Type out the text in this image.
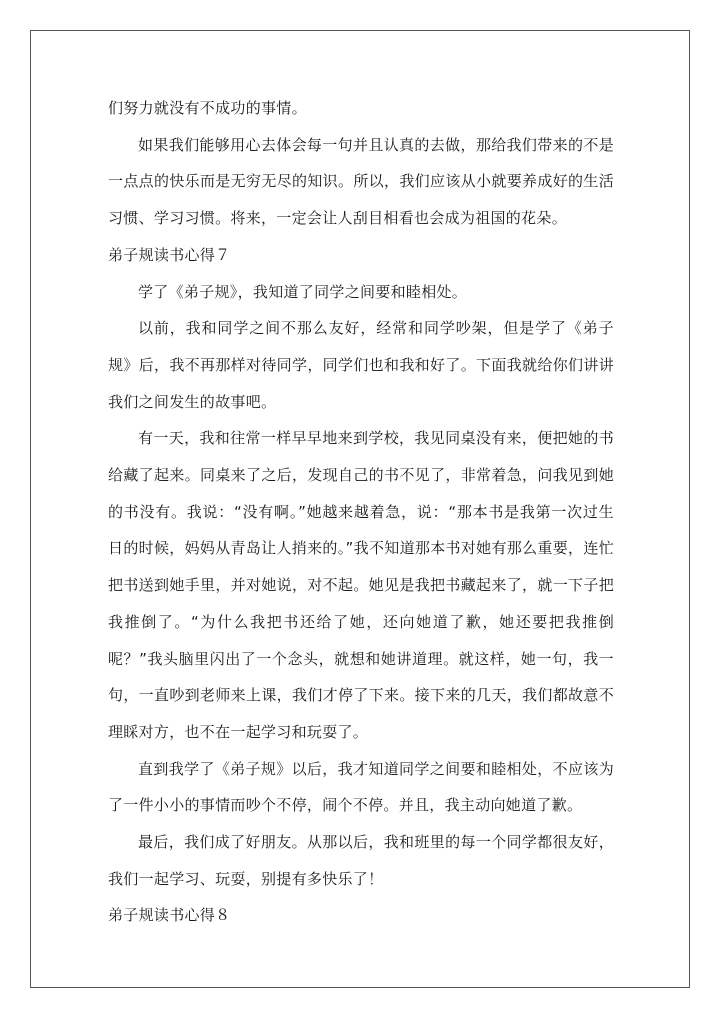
们努力就没有不成功的事情。

如果我们能够用心去体会每一句并且认真的去做，那给我们带来的不是一点点的快乐而是无穷无尽的知识。所以，我们应该从小就要养成好的生活习惯、学习习惯。将来，一定会让人刮目相看也会成为祖国的花朵。

弟子规读书心得７

学了《弟子规》，我知道了同学之间要和睦相处。

以前，我和同学之间不那么友好，经常和同学吵架，但是学了《弟子规》后，我不再那样对待同学，同学们也和我和好了。下面我就给你们讲讲我们之间发生的故事吧。

有一天，我和往常一样早早地来到学校，我见同桌没有来，便把她的书给藏了起来。同桌来了之后，发现自己的书不见了，非常着急，问我见到她的书没有。我说：“没有啊。”她越来越着急，说：“那本书是我第一次过生日的时候，妈妈从青岛让人捎来的。”我不知道那本书对她有那么重要，连忙把书送到她手里，并对她说，对不起。她见是我把书藏起来了，就一下子把我推倒了。“为什么我把书还给了她，还向她道了歉，她还要把我推倒呢？”我头脑里闪出了一个念头，就想和她讲道理。就这样，她一句，我一句，一直吵到老师来上课，我们才停了下来。接下来的几天，我们都故意不理睬对方，也不在一起学习和玩耍了。

直到我学了《弟子规》以后，我才知道同学之间要和睦相处，不应该为了一件小小的事情而吵个不停，闹个不停。并且，我主动向她道了歉。

最后，我们成了好朋友。从那以后，我和班里的每一个同学都很友好，我们一起学习、玩耍，别提有多快乐了！

弟子规读书心得８
